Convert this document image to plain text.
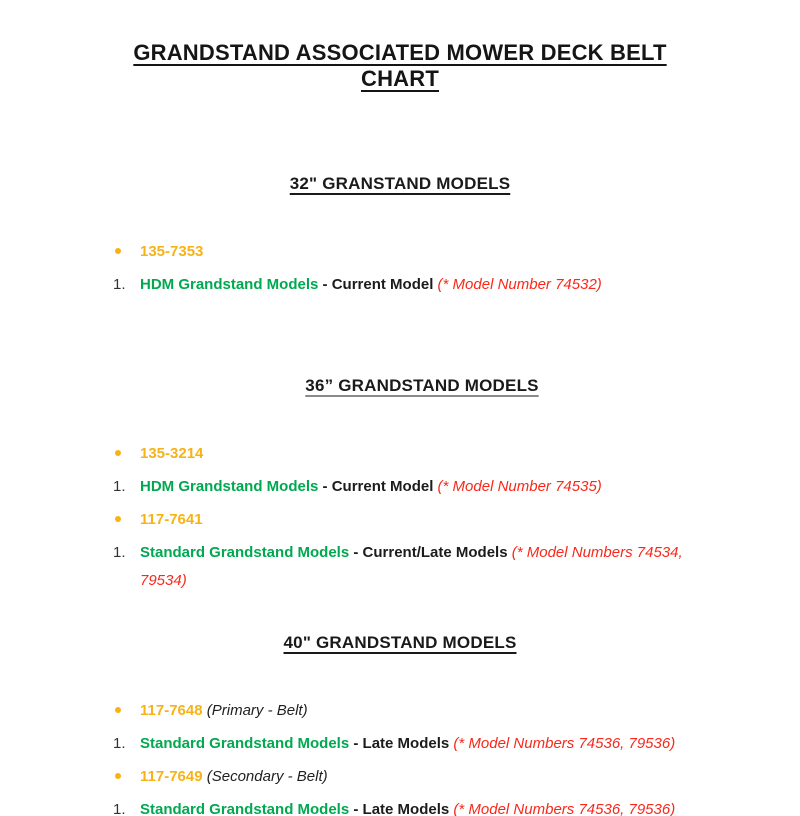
GRANDSTAND ASSOCIATED MOWER DECK BELT CHART
32" GRANSTAND MODELS
135-7353
1. HDM Grandstand Models - Current Model (* Model Number 74532)
36” GRANDSTAND MODELS
135-3214
1. HDM Grandstand Models - Current Model (* Model Number 74535)
117-7641
1. Standard Grandstand Models - Current/Late Models (* Model Numbers 74534, 79534)
40" GRANDSTAND MODELS
117-7648 (Primary - Belt)
1. Standard Grandstand Models - Late Models (* Model Numbers 74536, 79536)
117-7649 (Secondary - Belt)
1. Standard Grandstand Models - Late Models (* Model Numbers 74536, 79536)
